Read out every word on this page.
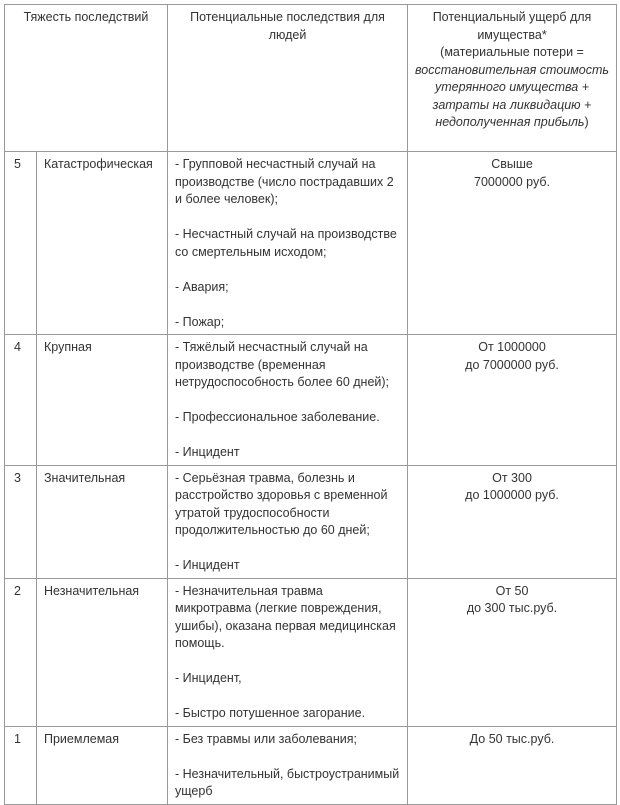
Тяжесть последствий		Потенциальные последствия для людей	Потенциальный ущерб для имущества*
(материальные потери = восстановительная стоимость утерянного имущества + затраты на ликвидацию + недополученная прибыль)
5	Катастрофическая	- Групповой несчастный случай на производстве (число пострадавших 2 и более человек);
- Несчастный случай на производстве со смертельным исходом;
- Авария;
- Пожар;	Свыше
7000000 руб.

4	Крупная	- Тяжёлый несчастный случай на производстве (временная нетрудоспособность более 60 дней);
- Профессиональное заболевание.
- Инцидент	От 1000000
до 7000000 руб.

3	Значительная	- Серьёзная травма, болезнь и расстройство здоровья с временной утратой трудоспособности продолжительностью до 60 дней;
- Инцидент	От 300
до 1000000 руб.

2	Незначительная	- Незначительная травма микротравма (легкие повреждения, ушибы), оказана первая медицинская помощь.
- Инцидент,
- Быстро потушенное загорание.	От 50
до 300 тыс.руб.

1	Приемлемая	- Без травмы или заболевания;
- Незначительный, быстроустранимый ущерб	До 50 тыс.руб.
